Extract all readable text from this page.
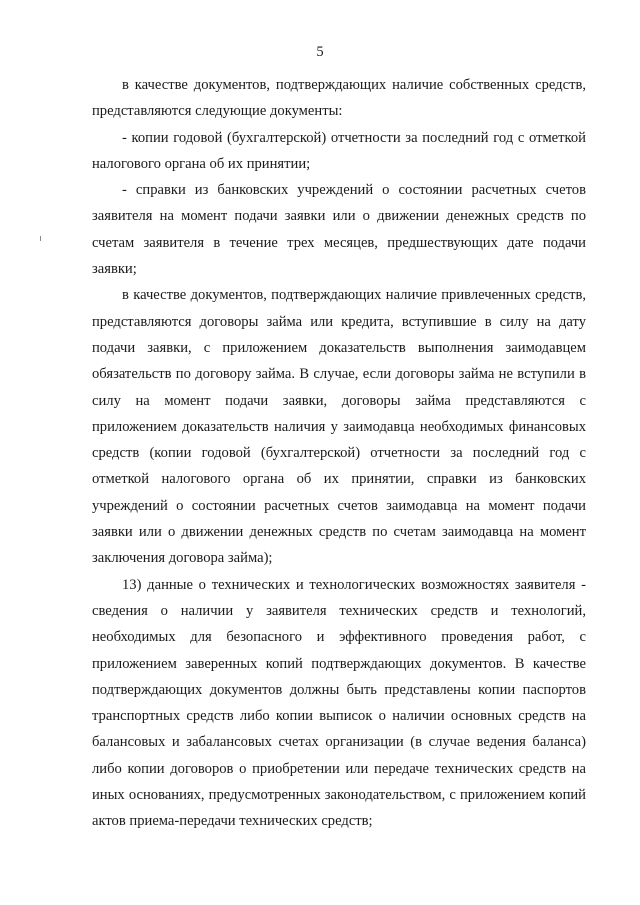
5

в качестве документов, подтверждающих наличие собственных средств, представляются следующие документы:

- копии годовой (бухгалтерской) отчетности за последний год с отметкой налогового органа об их принятии;

- справки из банковских учреждений о состоянии расчетных счетов заявителя на момент подачи заявки или о движении денежных средств по счетам заявителя в течение трех месяцев, предшествующих дате подачи заявки;

в качестве документов, подтверждающих наличие привлеченных средств, представляются договоры займа или кредита, вступившие в силу на дату подачи заявки, с приложением доказательств выполнения заимодавцем обязательств по договору займа. В случае, если договоры займа не вступили в силу на момент подачи заявки, договоры займа представляются с приложением доказательств наличия у заимодавца необходимых финансовых средств (копии годовой (бухгалтерской) отчетности за последний год с отметкой налогового органа об их принятии, справки из банковских учреждений о состоянии расчетных счетов заимодавца на момент подачи заявки или о движении денежных средств по счетам заимодавца на момент заключения договора займа);

13) данные о технических и технологических возможностях заявителя - сведения о наличии у заявителя технических средств и технологий, необходимых для безопасного и эффективного проведения работ, с приложением заверенных копий подтверждающих документов. В качестве подтверждающих документов должны быть представлены копии паспортов транспортных средств либо копии выписок о наличии основных средств на балансовых и забалансовых счетах организации (в случае ведения баланса) либо копии договоров о приобретении или передаче технических средств на иных основаниях, предусмотренных законодательством, с приложением копий актов приема-передачи технических средств;
